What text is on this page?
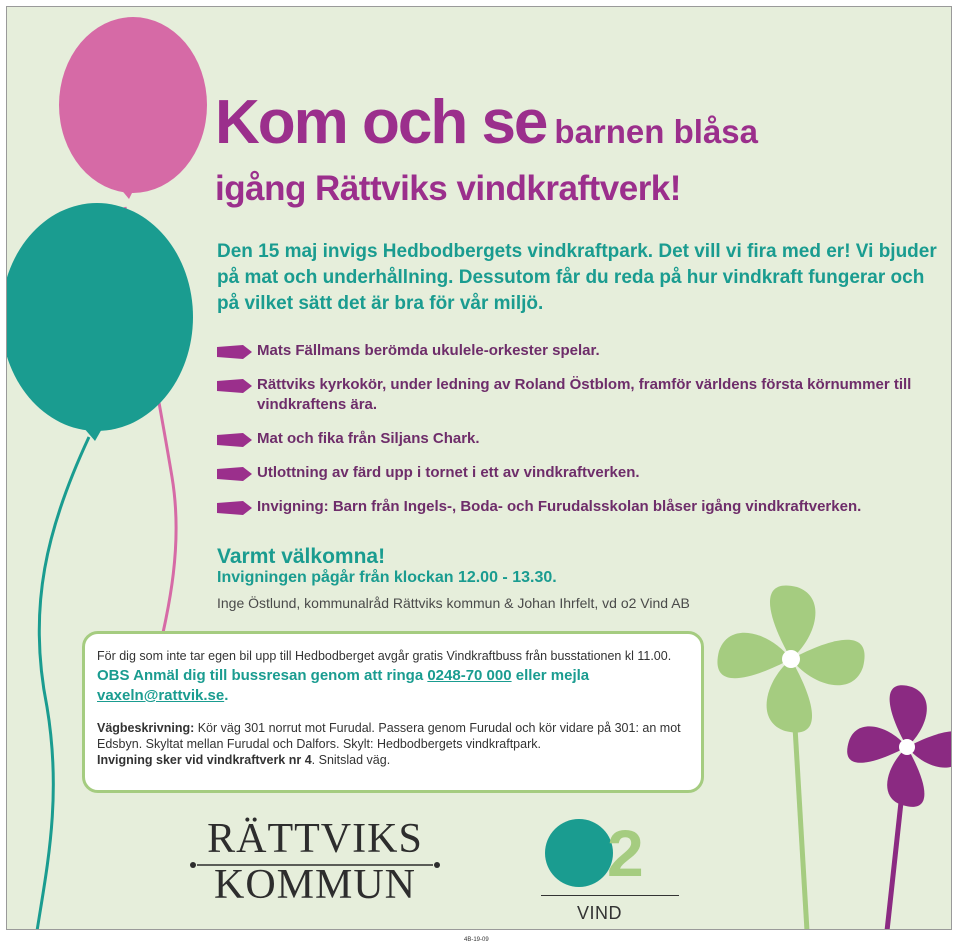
Kom och se barnen blåsa
igång Rättviks vindkraftverk!
Den 15 maj invigs Hedbodbergets vindkraftpark. Det vill vi fira med er! Vi bjuder på mat och underhållning. Dessutom får du reda på hur vindkraft fungerar och på vilket sätt det är bra för vår miljö.
Mats Fällmans berömda ukulele-orkester spelar.
Rättviks kyrkokör, under ledning av Roland Östblom, framför världens första körnummer till vindkraftens ära.
Mat och fika från Siljans Chark.
Utlottning av färd upp i tornet i ett av vindkraftverken.
Invigning: Barn från Ingels-, Boda- och Furudalsskolan blåser igång vindkraftverken.
Varmt välkomna!
Invigningen pågår från klockan 12.00 - 13.30.
Inge Östlund, kommunalråd Rättviks kommun & Johan Ihrfelt, vd o2 Vind AB

För dig som inte tar egen bil upp till Hedbodberget avgår gratis Vindkraftbuss från busstationen kl 11.00.

OBS Anmäl dig till bussresan genom att ringa 0248-70 000 eller mejla vaxeln@rattvik.se.

Vägbeskrivning: Kör väg 301 norrut mot Furudal. Passera genom Furudal och kör vidare på 301: an mot Edsbyn. Skyltat mellan Furudal och Dalfors. Skylt: Hedbodbergets vindkraftpark.

Invigning sker vid vindkraftverk nr 4. Snitslad väg.

RÄTTVIKS
KOMMUN	2
VIND
4B-19-09
